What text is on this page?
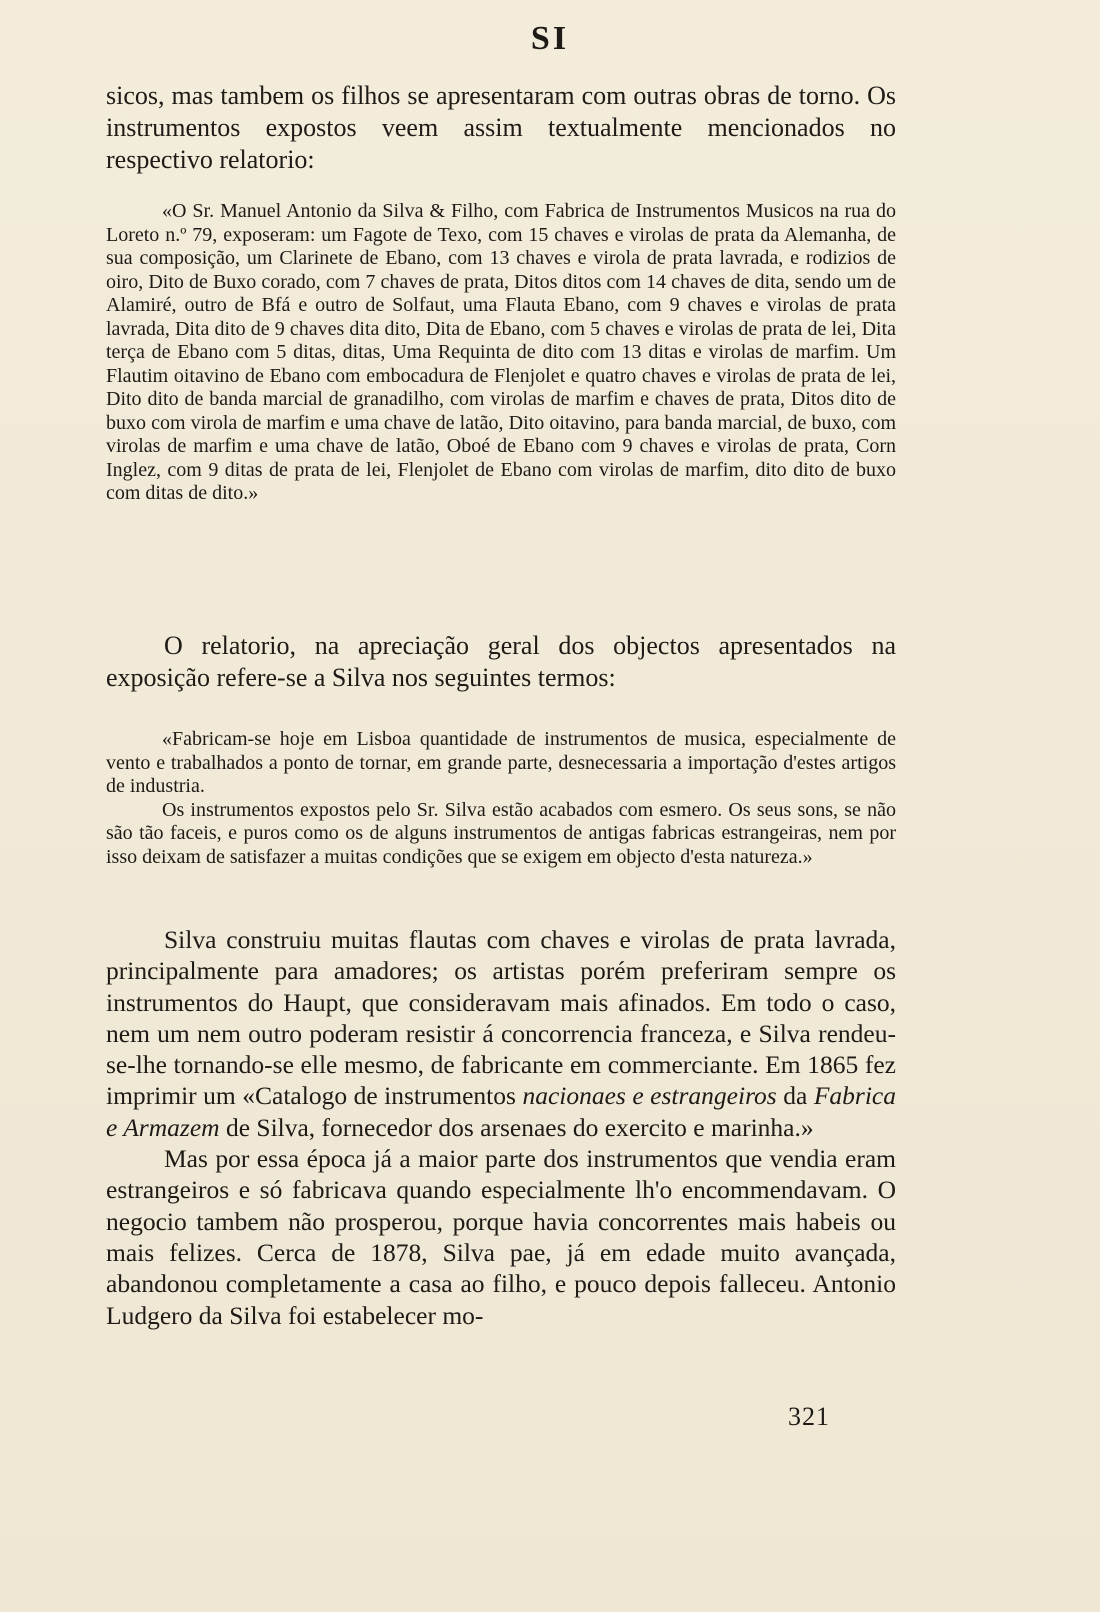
SI

sicos, mas tambem os filhos se apresentaram com outras obras de torno. Os instrumentos expostos veem assim textualmente mencionados no respectivo relatorio:

«O Sr. Manuel Antonio da Silva & Filho, com Fabrica de Instrumentos Musicos na rua do Loreto n.º 79, exposeram: um Fagote de Texo, com 15 chaves e virolas de prata da Alemanha, de sua composição, um Clarinete de Ebano, com 13 chaves e virola de prata lavrada, e rodizios de oiro, Dito de Buxo corado, com 7 chaves de prata, Ditos ditos com 14 chaves de dita, sendo um de Alamiré, outro de Bfá e outro de Solfaut, uma Flauta Ebano, com 9 chaves e virolas de prata lavrada, Dita dito de 9 chaves dita dito, Dita de Ebano, com 5 chaves e virolas de prata de lei, Dita terça de Ebano com 5 ditas, ditas, Uma Requinta de dito com 13 ditas e virolas de marfim. Um Flautim oitavino de Ebano com embocadura de Flenjolet e quatro chaves e virolas de prata de lei, Dito dito de banda marcial de granadilho, com virolas de marfim e chaves de prata, Ditos dito de buxo com virola de marfim e uma chave de latão, Dito oitavino, para banda marcial, de buxo, com virolas de marfim e uma chave de latão, Oboé de Ebano com 9 chaves e virolas de prata, Corn Inglez, com 9 ditas de prata de lei, Flenjolet de Ebano com virolas de marfim, dito dito de buxo com ditas de dito.»

O relatorio, na apreciação geral dos objectos apresentados na exposição refere-se a Silva nos seguintes termos:

«Fabricam-se hoje em Lisboa quantidade de instrumentos de musica, especialmente de vento e trabalhados a ponto de tornar, em grande parte, desnecessaria a importação d'estes artigos de industria.

Os instrumentos expostos pelo Sr. Silva estão acabados com esmero. Os seus sons, se não são tão faceis, e puros como os de alguns instrumentos de antigas fabricas estrangeiras, nem por isso deixam de satisfazer a muitas condições que se exigem em objecto d'esta natureza.»

Silva construiu muitas flautas com chaves e virolas de prata lavrada, principalmente para amadores; os artistas porém preferiram sempre os instrumentos do Haupt, que consideravam mais afinados. Em todo o caso, nem um nem outro poderam resistir á concorrencia franceza, e Silva rendeu-se-lhe tornando-se elle mesmo, de fabricante em commerciante. Em 1865 fez imprimir um «Catalogo de instrumentos nacionaes e estrangeiros da Fabrica e Armazem de Silva, fornecedor dos arsenaes do exercito e marinha.»

Mas por essa época já a maior parte dos instrumentos que vendia eram estrangeiros e só fabricava quando especialmente lh'o encommendavam. O negocio tambem não prosperou, porque havia concorrentes mais habeis ou mais felizes. Cerca de 1878, Silva pae, já em edade muito avançada, abandonou completamente a casa ao filho, e pouco depois falleceu. Antonio Ludgero da Silva foi estabelecer mo-

321
